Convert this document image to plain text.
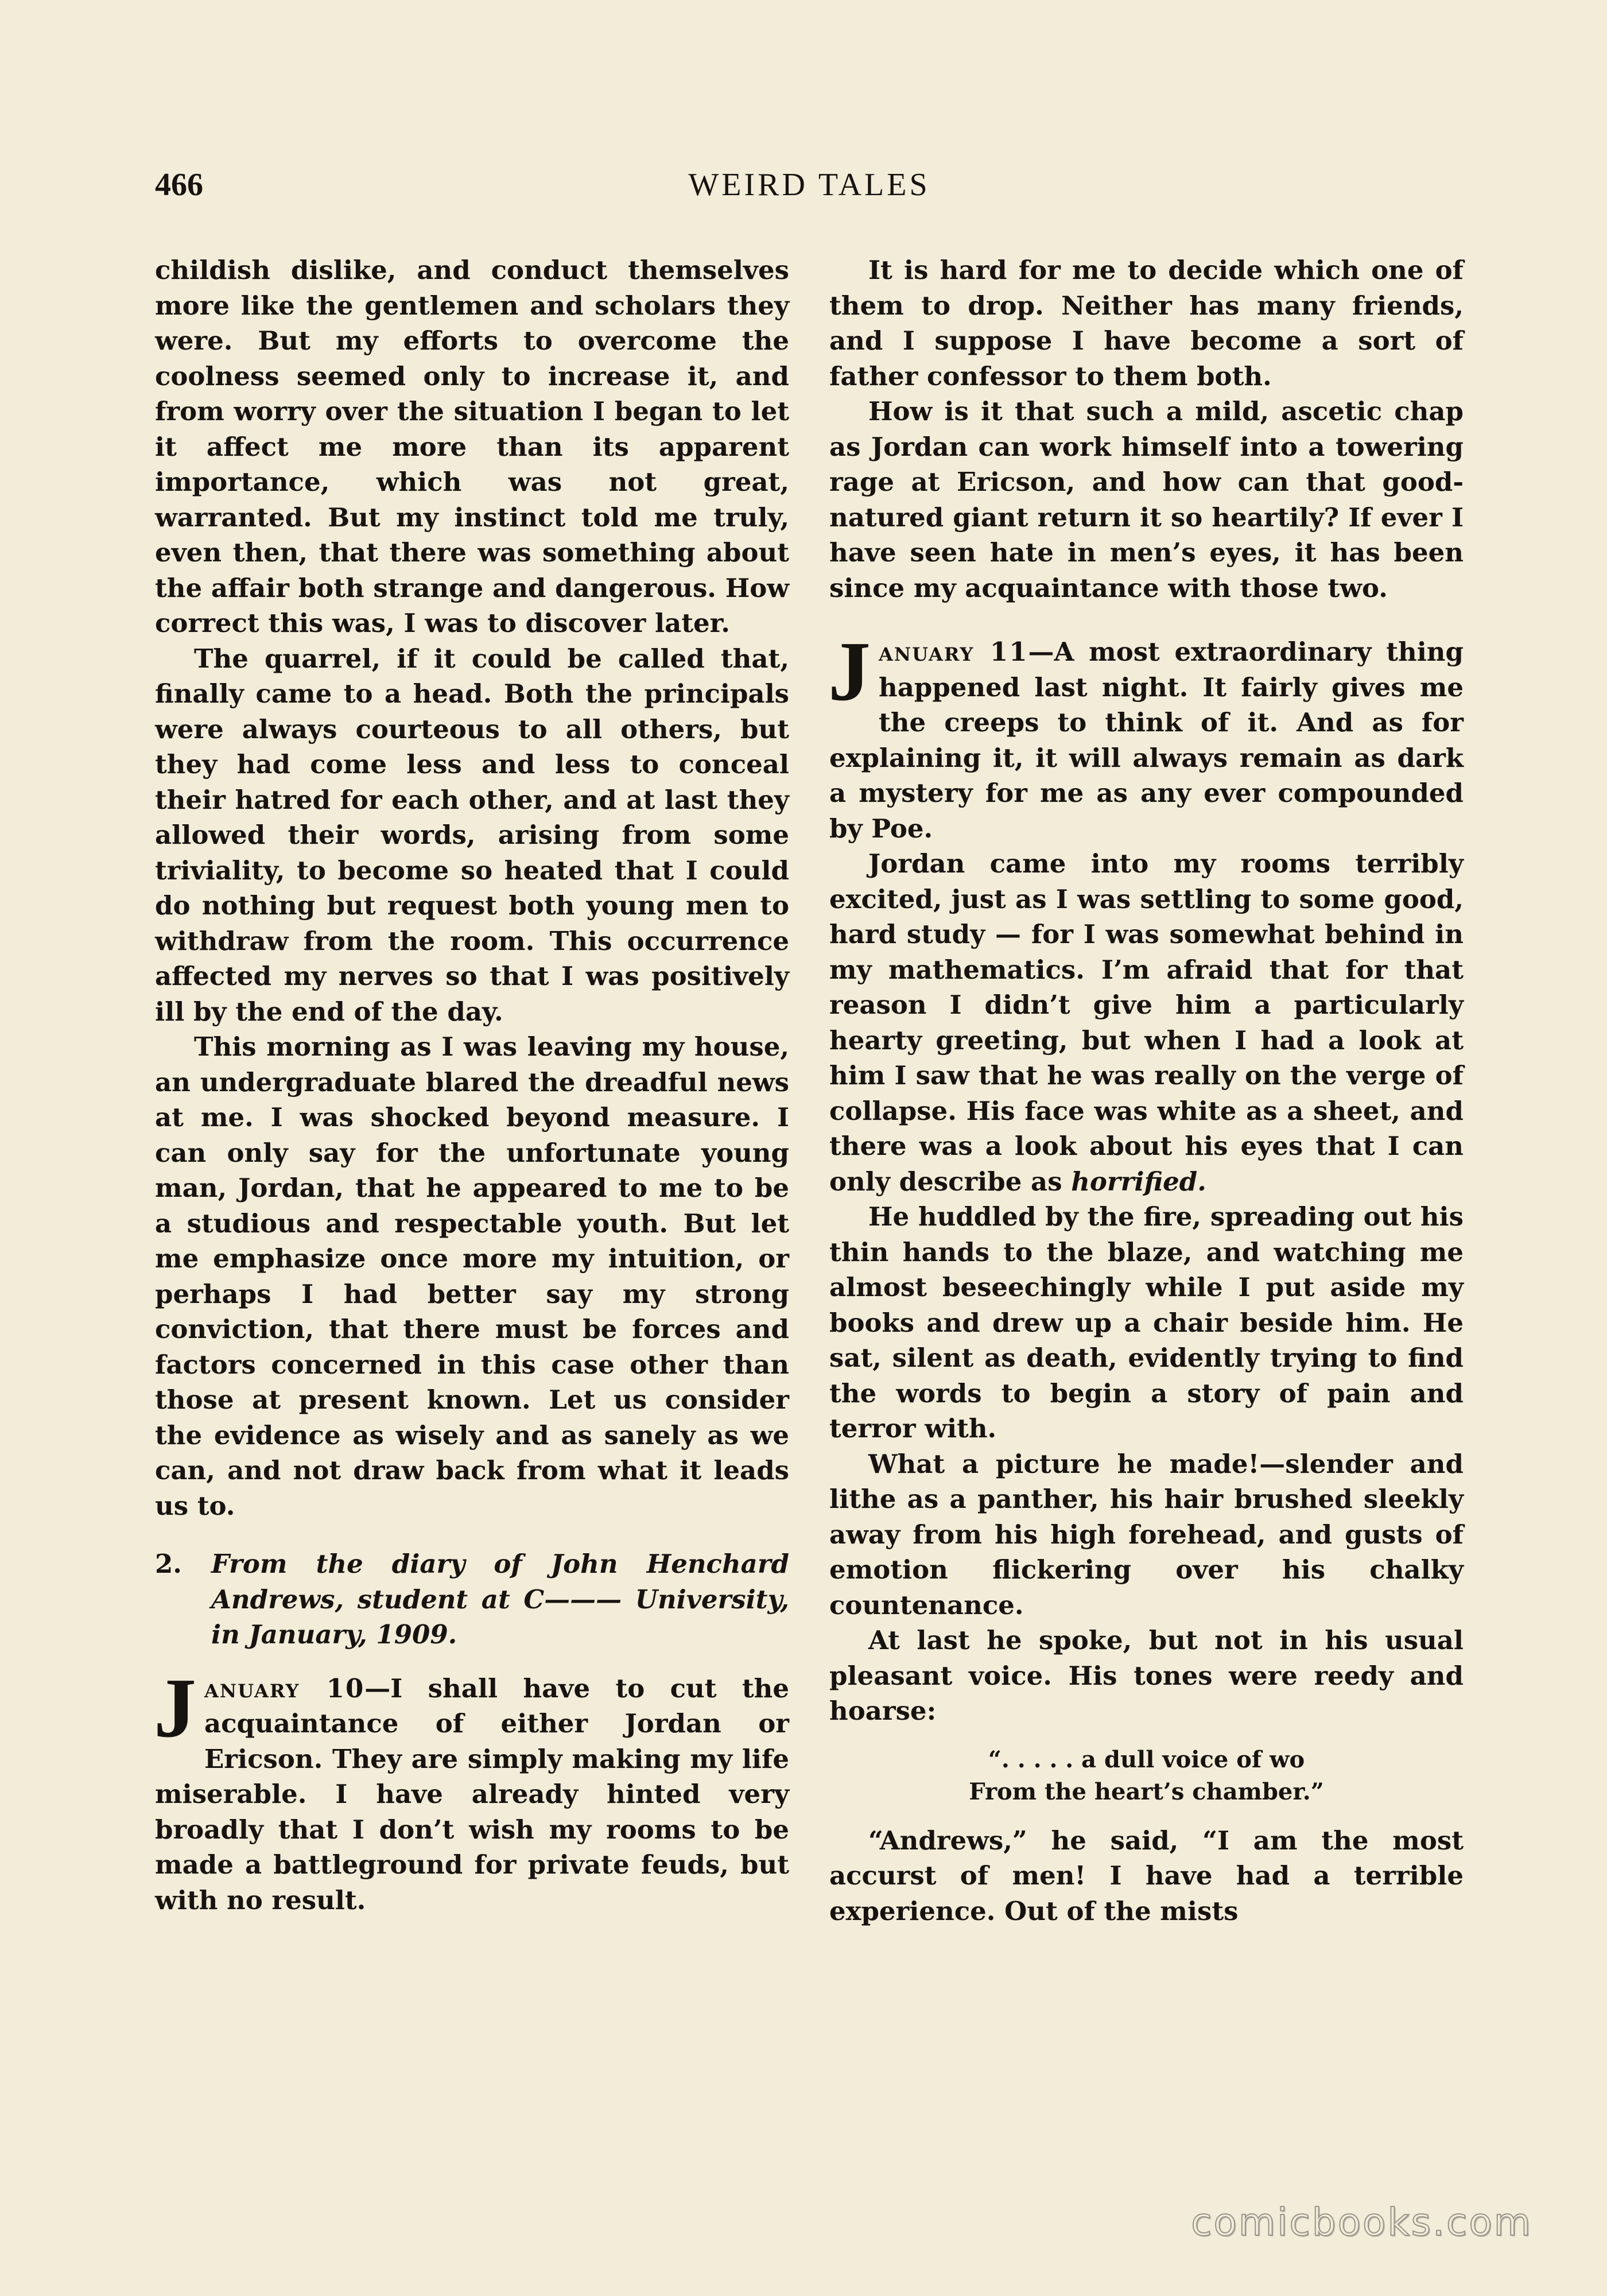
466	WEIRD TALES

childish dislike, and conduct themselves more like the gentlemen and scholars they were. But my efforts to overcome the coolness seemed only to increase it, and from worry over the situation I began to let it affect me more than its apparent importance, which was not great, warranted. But my instinct told me truly, even then, that there was something about the affair both strange and dangerous. How correct this was, I was to discover later.

The quarrel, if it could be called that, finally came to a head. Both the principals were always courteous to all others, but they had come less and less to conceal their hatred for each other, and at last they allowed their words, arising from some triviality, to become so heated that I could do nothing but request both young men to withdraw from the room. This occurrence affected my nerves so that I was positively ill by the end of the day.

This morning as I was leaving my house, an undergraduate blared the dreadful news at me. I was shocked beyond measure. I can only say for the unfortunate young man, Jordan, that he appeared to me to be a studious and respectable youth. But let me emphasize once more my intuition, or perhaps I had better say my strong conviction, that there must be forces and factors concerned in this case other than those at present known. Let us consider the evidence as wisely and as sanely as we can, and not draw back from what it leads us to.

2. From the diary of John Henchard Andrews, student at C——— University, in January, 1909.

January 10—I shall have to cut the acquaintance of either Jordan or Ericson. They are simply making my life miserable. I have already hinted very broadly that I don’t wish my rooms to be made a battleground for private feuds, but with no result.

It is hard for me to decide which one of them to drop. Neither has many friends, and I suppose I have become a sort of father confessor to them both.

How is it that such a mild, ascetic chap as Jordan can work himself into a towering rage at Ericson, and how can that good-natured giant return it so heartily? If ever I have seen hate in men’s eyes, it has been since my acquaintance with those two.

January 11—A most extraordinary thing happened last night. It fairly gives me the creeps to think of it. And as for explaining it, it will always remain as dark a mystery for me as any ever compounded by Poe.

Jordan came into my rooms terribly excited, just as I was settling to some good, hard study — for I was somewhat behind in my mathematics. I’m afraid that for that reason I didn’t give him a particularly hearty greeting, but when I had a look at him I saw that he was really on the verge of collapse. His face was white as a sheet, and there was a look about his eyes that I can only describe as horrified.

He huddled by the fire, spreading out his thin hands to the blaze, and watching me almost beseechingly while I put aside my books and drew up a chair beside him. He sat, silent as death, evidently trying to find the words to begin a story of pain and terror with.

What a picture he made!—slender and lithe as a panther, his hair brushed sleekly away from his high forehead, and gusts of emotion flickering over his chalky countenance.

At last he spoke, but not in his usual pleasant voice. His tones were reedy and hoarse:

“. . . . . a dull voice of wo
From the heart’s chamber.”

“Andrews,” he said, “I am the most accurst of men! I have had a terrible experience. Out of the mists

comicbooks.com
